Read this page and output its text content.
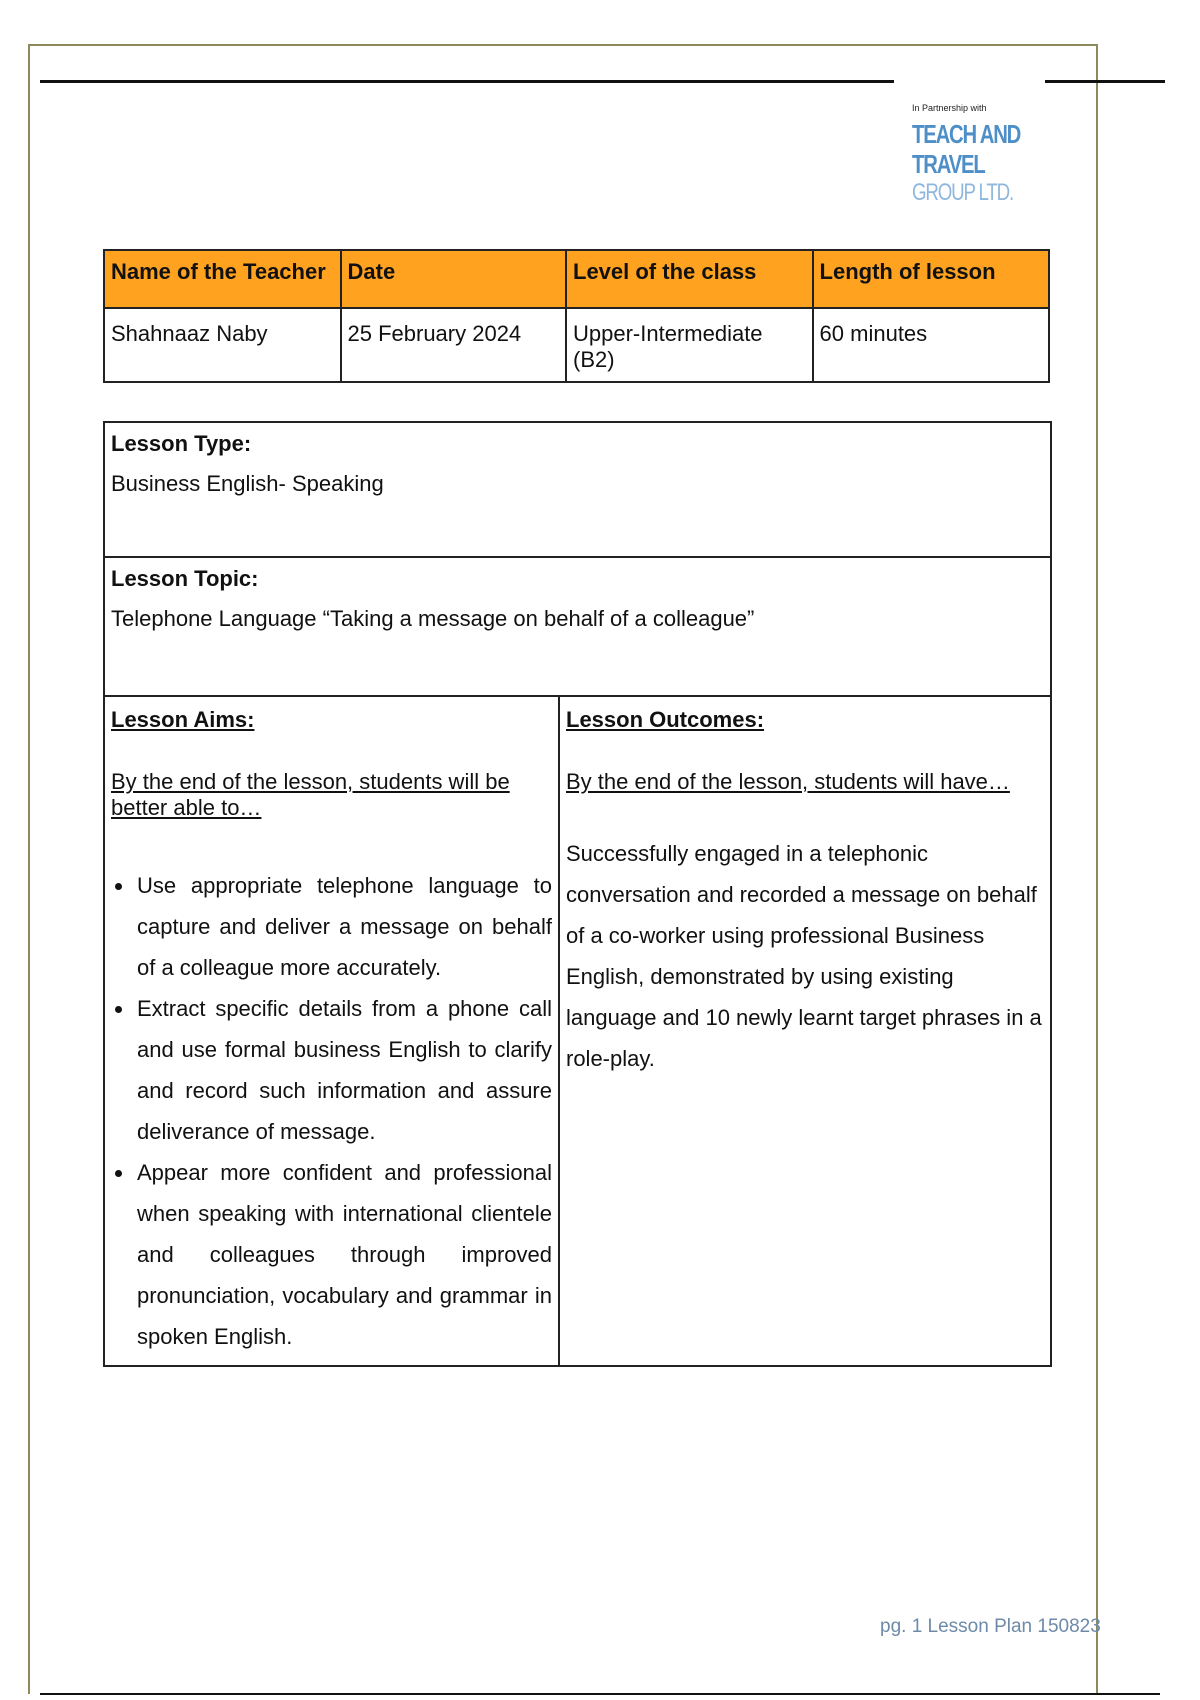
In Partnership with
TEACH AND TRAVEL
GROUP LTD.
Name of the Teacher	Date	Level of the class	Length of lesson
Shahnaaz Naby	25 February 2024	Upper-Intermediate (B2)	60 minutes
Lesson Type:
Business English- Speaking

Lesson Topic:
Telephone Language “Taking a message on behalf of a colleague”

Lesson Aims:
By the end of the lesson, students will be better able to…
• Use appropriate telephone language to capture and deliver a message on behalf of a colleague more accurately.
• Extract specific details from a phone call and use formal business English to clarify and record such information and assure deliverance of message.
• Appear more confident and professional when speaking with international clientele and colleagues through improved pronunciation, vocabulary and grammar in spoken English.

Lesson Outcomes:
By the end of the lesson, students will have…
Successfully engaged in a telephonic conversation and recorded a message on behalf of a co-worker using professional Business English, demonstrated by using existing language and 10 newly learnt target phrases in a role-play.
pg. 1 Lesson Plan 150823
